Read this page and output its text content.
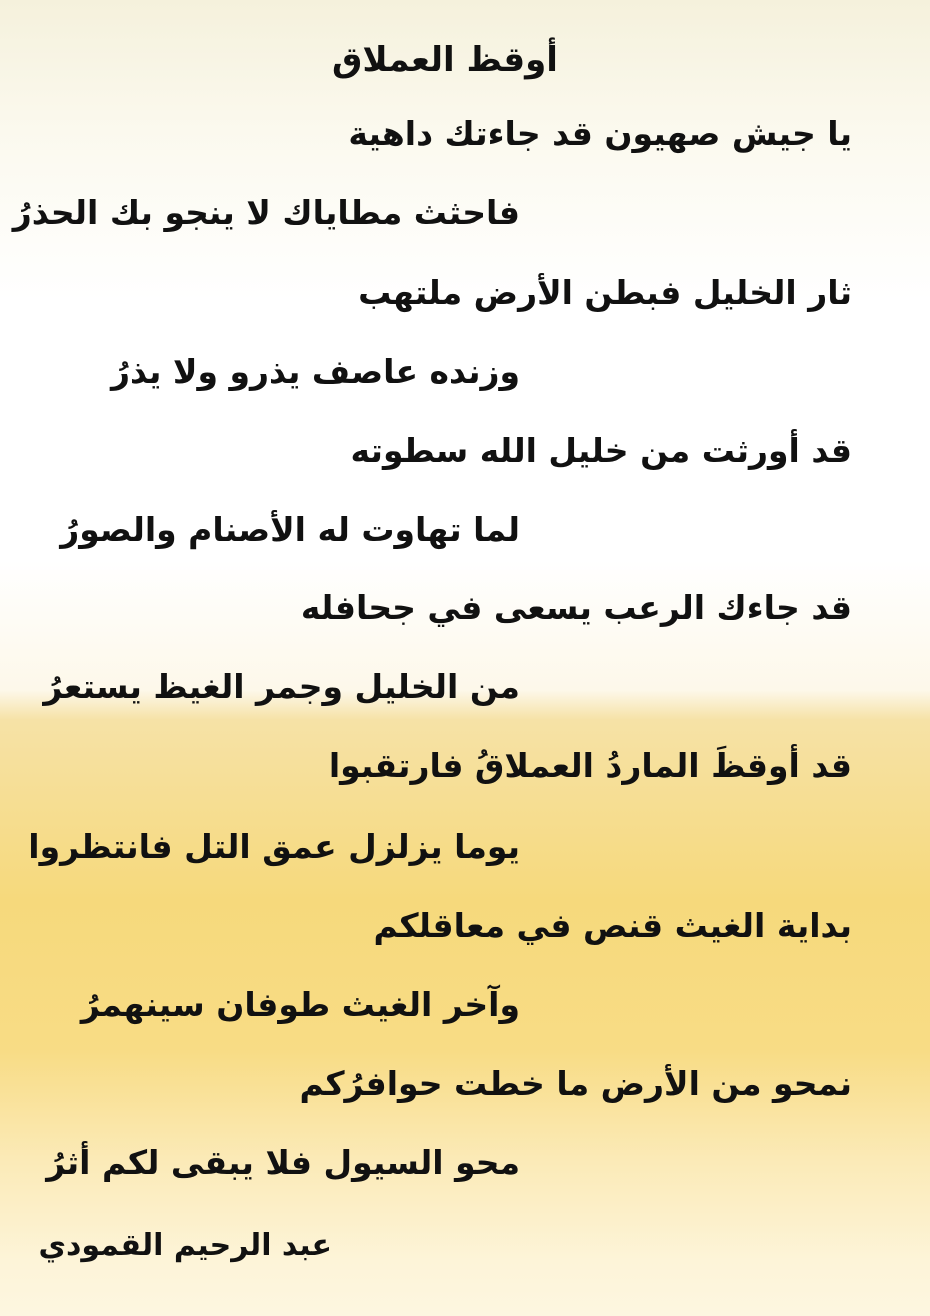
أوقظ العملاق
يا جيش صهيون قد جاءتك داهية
فاحثث مطاياك لا ينجو بك الحذرُ
ثار الخليل فبطن الأرض ملتهب
وزنده عاصف يذرو ولا يذرُ
قد أورثت من خليل الله سطوته
لما تهاوت له الأصنام والصورُ
قد جاءك الرعب يسعى في جحافله
من الخليل وجمر الغيظ يستعرُ
قد أوقظَ الماردُ العملاقُ فارتقبوا
يوما يزلزل عمق التل فانتظروا
بداية الغيث قنص في معاقلكم
وآخر الغيث طوفان سينهمرُ
نمحو من الأرض ما خطت حوافرُكم
محو السيول فلا يبقى لكم أثرُ
عبد الرحيم القمودي
